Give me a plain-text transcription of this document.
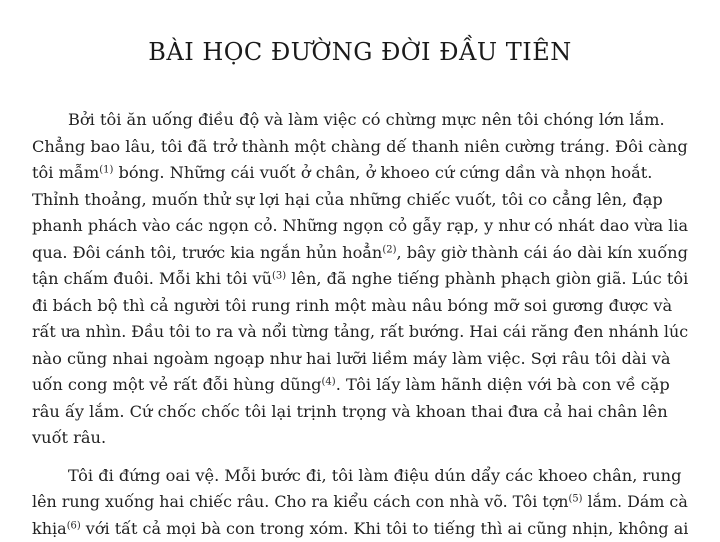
BÀI HỌC ĐƯỜNG ĐỜI ĐẦU TIÊN
Bởi tôi ăn uống điều độ và làm việc có chừng mực nên tôi chóng lớn lắm.
Chẳng bao lâu, tôi đã trở thành một chàng dế thanh niên cường tráng. Đôi càng
tôi mẫm$^{(1)}$ bóng. Những cái vuốt ở chân, ở khoeo cứ cứng dần và nhọn hoắt.
Thỉnh thoảng, muốn thử sự lợi hại của những chiếc vuốt, tôi co cẳng lên, đạp
phanh phách vào các ngọn cỏ. Những ngọn cỏ gẫy rạp, y như có nhát dao vừa lia
qua. Đôi cánh tôi, trước kia ngắn hủn hoẳn$^{(2)}$, bây giờ thành cái áo dài kín xuống
tận chấm đuôi. Mỗi khi tôi $vũ^{(3)}$ lên, đã nghe tiếng phành phạch giòn giã. Lúc tôi
đi bách bộ thì cả người tôi rung rinh một màu nâu bóng mỡ soi gương được và
rất ưa nhìn. Đầu tôi to ra và nổi từng tảng, rất bướng. Hai cái răng đen nhánh lúc
nào cũng nhai ngoàm ngoạp như hai lưỡi liềm máy làm việc. Sợi râu tôi dài và
uốn cong một vẻ rất đỗi hùng dũng$^{(4)}$. Tôi lấy làm hãnh diện với bà con về cặp
râu ấy lắm. Cứ chốc chốc tôi lại trịnh trọng và khoan thai đưa cả hai chân lên
vuốt râu.
Tôi đi đứng oai vệ. Mỗi bước đi, tôi làm điệu dún dẩy các khoeo chân, rung
lên rung xuống hai chiếc râu. Cho ra kiểu cách con nhà võ. Tôi tợn$^{(5)}$ lắm. Dám cà
khịa$^{(6)}$ với tất cả mọi bà con trong xóm. Khi tôi to tiếng thì ai cũng nhịn, không ai
